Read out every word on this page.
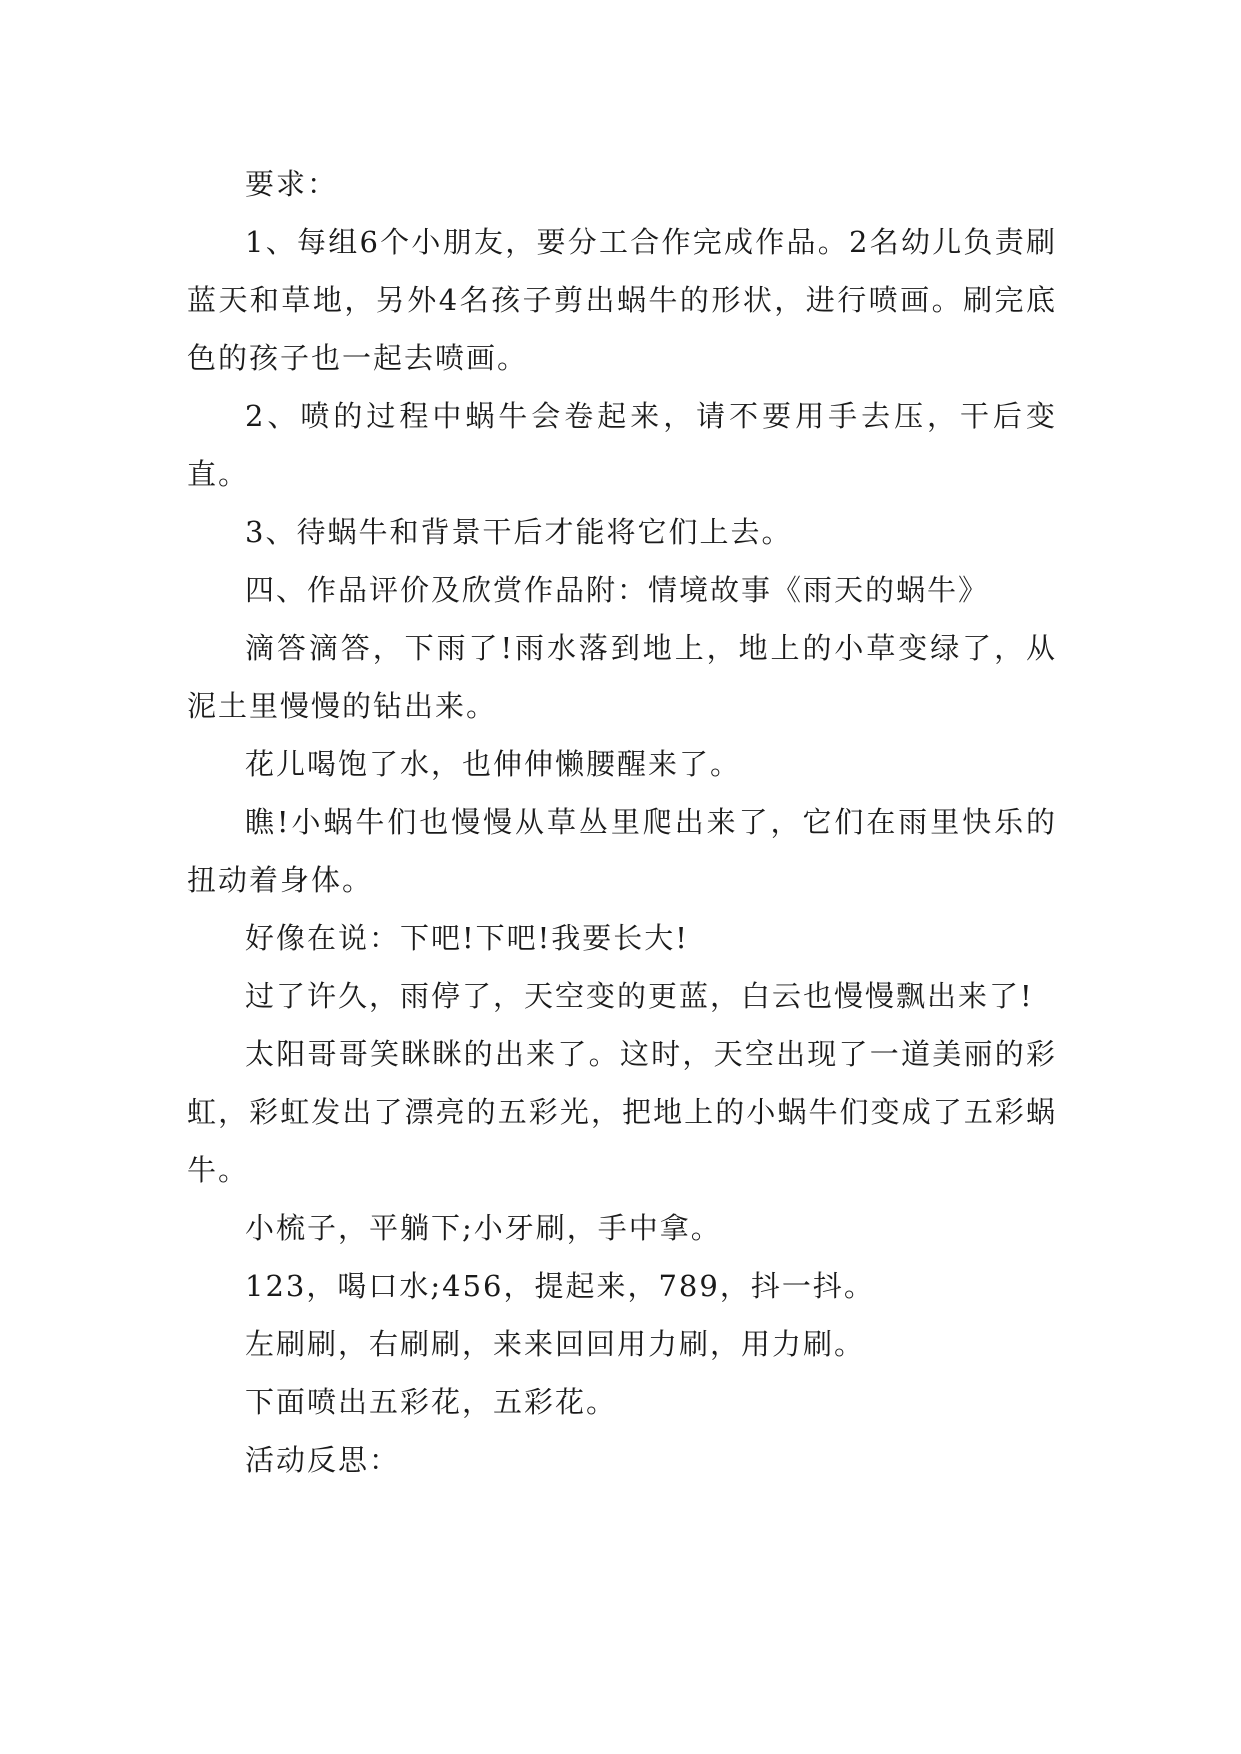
要求：

1、每组6个小朋友，要分工合作完成作品。2名幼儿负责刷蓝天和草地，另外4名孩子剪出蜗牛的形状，进行喷画。刷完底色的孩子也一起去喷画。

2、喷的过程中蜗牛会卷起来，请不要用手去压，干后变直。

3、待蜗牛和背景干后才能将它们上去。

四、作品评价及欣赏作品附：情境故事《雨天的蜗牛》

滴答滴答，下雨了!雨水落到地上，地上的小草变绿了，从泥土里慢慢的钻出来。

花儿喝饱了水，也伸伸懒腰醒来了。

瞧!小蜗牛们也慢慢从草丛里爬出来了，它们在雨里快乐的扭动着身体。

好像在说：下吧!下吧!我要长大!

过了许久，雨停了，天空变的更蓝，白云也慢慢飘出来了!

太阳哥哥笑眯眯的出来了。这时，天空出现了一道美丽的彩虹，彩虹发出了漂亮的五彩光，把地上的小蜗牛们变成了五彩蜗牛。

小梳子，平躺下;小牙刷，手中拿。

123，喝口水;456，提起来，789，抖一抖。

左刷刷，右刷刷，来来回回用力刷，用力刷。

下面喷出五彩花，五彩花。

活动反思：
